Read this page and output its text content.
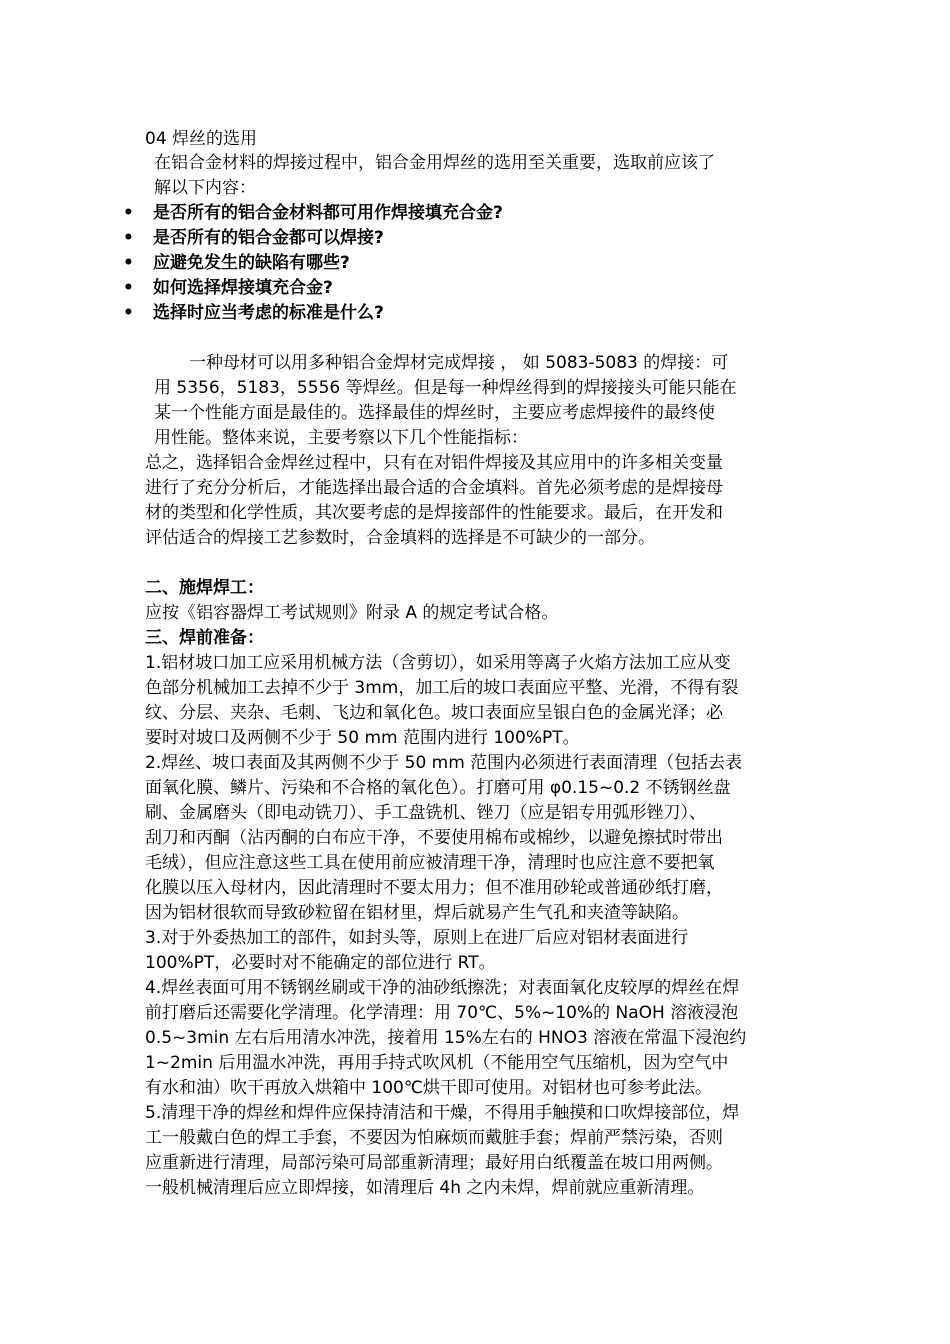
04 焊丝的选用
在铝合金材料的焊接过程中，铝合金用焊丝的选用至关重要，选取前应该了
解以下内容：
• 是否所有的铝合金材料都可用作焊接填充合金?
• 是否所有的铝合金都可以焊接?
• 应避免发生的缺陷有哪些?
• 如何选择焊接填充合金?
• 选择时应当考虑的标准是什么?
一种母材可以用多种铝合金焊材完成焊接 ， 如 5083-5083 的焊接：可
用 5356，5183，5556 等焊丝。但是每一种焊丝得到的焊接接头可能只能在
某一个性能方面是最佳的。选择最佳的焊丝时，主要应考虑焊接件的最终使
用性能。整体来说，主要考察以下几个性能指标：
总之，选择铝合金焊丝过程中，只有在对铝件焊接及其应用中的许多相关变量
进行了充分分析后，才能选择出最合适的合金填料。首先必须考虑的是焊接母
材的类型和化学性质，其次要考虑的是焊接部件的性能要求。最后，在开发和
评估适合的焊接工艺参数时，合金填料的选择是不可缺少的一部分。
二、施焊焊工：
应按《铝容器焊工考试规则》附录 A 的规定考试合格。
三、焊前准备：
1.铝材坡口加工应采用机械方法（含剪切），如采用等离子火焰方法加工应从变
色部分机械加工去掉不少于 3mm，加工后的坡口表面应平整、光滑，不得有裂
纹、分层、夹杂、毛刺、飞边和氧化色。坡口表面应呈银白色的金属光泽；必
要时对坡口及两侧不少于 50 mm 范围内进行 100%PT。
2.焊丝、坡口表面及其两侧不少于 50 mm 范围内必须进行表面清理（包括去表
面氧化膜、鳞片、污染和不合格的氧化色）。打磨可用 φ0.15~0.2 不锈钢丝盘
刷、金属磨头（即电动铣刀）、手工盘铣机、锉刀（应是铝专用弧形锉刀）、
刮刀和丙酮（沾丙酮的白布应干净，不要使用棉布或棉纱，以避免擦拭时带出
毛绒），但应注意这些工具在使用前应被清理干净，清理时也应注意不要把氧
化膜以压入母材内，因此清理时不要太用力；但不准用砂轮或普通砂纸打磨，
因为铝材很软而导致砂粒留在铝材里，焊后就易产生气孔和夹渣等缺陷。
3.对于外委热加工的部件，如封头等，原则上在进厂后应对铝材表面进行
100%PT，必要时对不能确定的部位进行 RT。
4.焊丝表面可用不锈钢丝刷或干净的油砂纸擦洗；对表面氧化皮较厚的焊丝在焊
前打磨后还需要化学清理。化学清理：用 70℃、5%~10%的 NaOH 溶液浸泡
0.5~3min 左右后用清水冲洗，接着用 15%左右的 HNO3 溶液在常温下浸泡约
1~2min 后用温水冲洗，再用手持式吹风机（不能用空气压缩机，因为空气中
有水和油）吹干再放入烘箱中 100℃烘干即可使用。对铝材也可参考此法。
5.清理干净的焊丝和焊件应保持清洁和干燥，不得用手触摸和口吹焊接部位，焊
工一般戴白色的焊工手套，不要因为怕麻烦而戴脏手套；焊前严禁污染，否则
应重新进行清理，局部污染可局部重新清理；最好用白纸覆盖在坡口用两侧。
一般机械清理后应立即焊接，如清理后 4h 之内未焊，焊前就应重新清理。
